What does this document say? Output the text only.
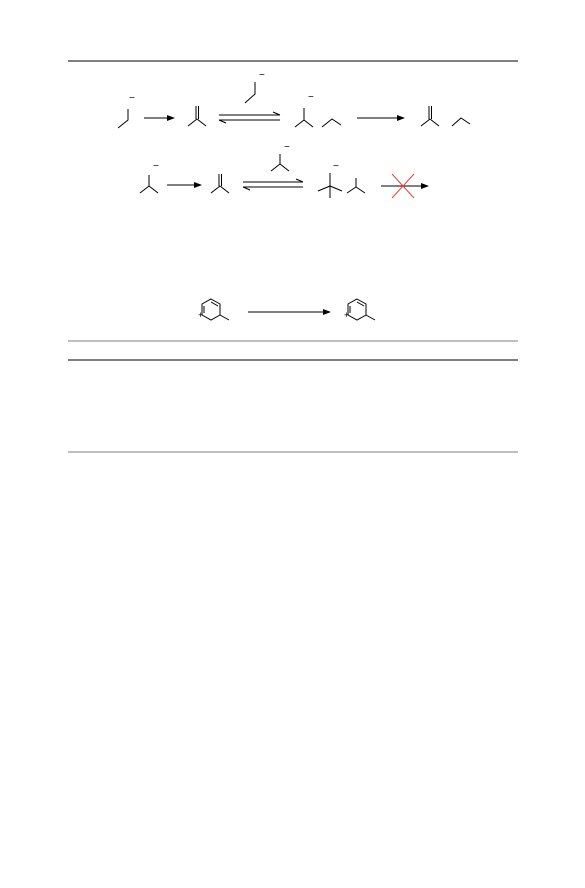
−
−
−
−
−
−
+	+
